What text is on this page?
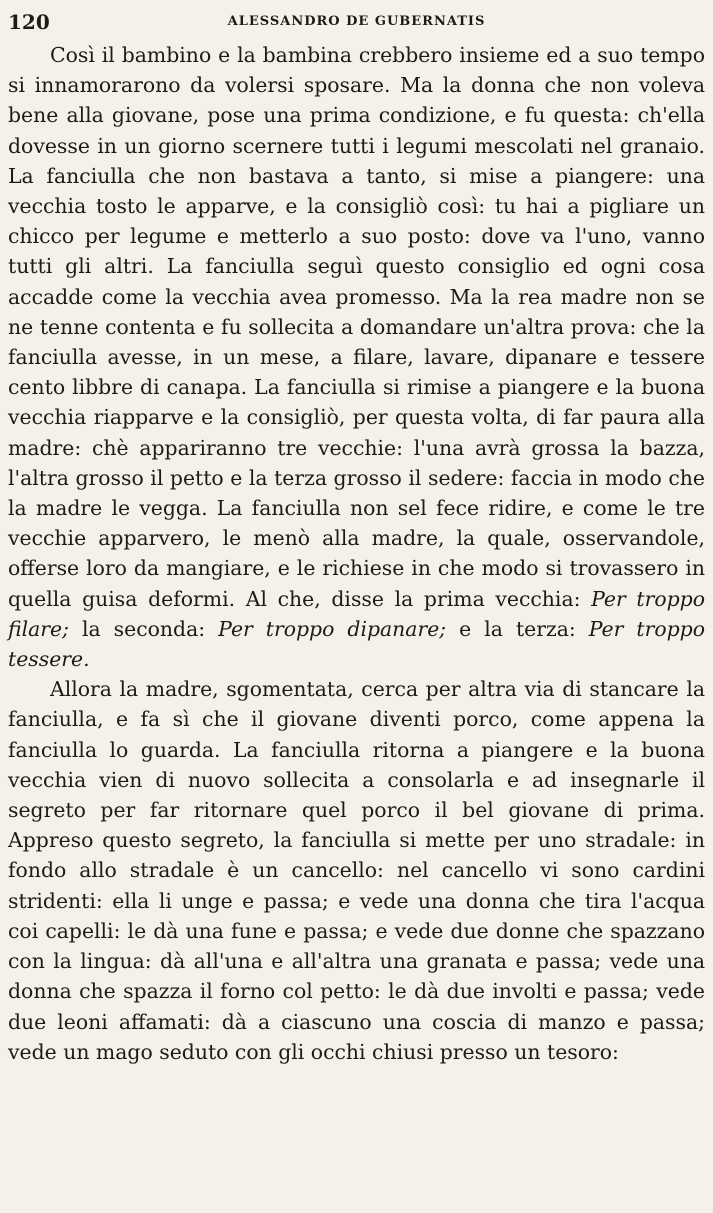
120	ALESSANDRO DE GUBERNATIS

Così il bambino e la bambina crebbero insieme ed a suo tempo si innamorarono da volersi sposare. Ma la donna che non voleva bene alla giovane, pose una prima condizione, e fu questa: ch'ella dovesse in un giorno scernere tutti i legumi mescolati nel granaio. La fanciulla che non bastava a tanto, si mise a piangere: una vecchia tosto le apparve, e la consigliò così: tu hai a pigliare un chicco per legume e metterlo a suo posto: dove va l'uno, vanno tutti gli altri. La fanciulla seguì questo consiglio ed ogni cosa accadde come la vecchia avea promesso. Ma la rea madre non se ne tenne contenta e fu sollecita a domandare un'altra prova: che la fanciulla avesse, in un mese, a filare, lavare, dipanare e tessere cento libbre di canapa. La fanciulla si rimise a piangere e la buona vecchia riapparve e la consigliò, per questa volta, di far paura alla madre: chè appariranno tre vecchie: l'una avrà grossa la bazza, l'altra grosso il petto e la terza grosso il sedere: faccia in modo che la madre le vegga. La fanciulla non sel fece ridire, e come le tre vecchie apparvero, le menò alla madre, la quale, osservandole, offerse loro da mangiare, e le richiese in che modo si trovassero in quella guisa deformi. Al che, disse la prima vecchia: Per troppo filare; la seconda: Per troppo dipanare; e la terza: Per troppo tessere.

Allora la madre, sgomentata, cerca per altra via di stancare la fanciulla, e fa sì che il giovane diventi porco, come appena la fanciulla lo guarda. La fanciulla ritorna a piangere e la buona vecchia vien di nuovo sollecita a consolarla e ad insegnarle il segreto per far ritornare quel porco il bel giovane di prima. Appreso questo segreto, la fanciulla si mette per uno stradale: in fondo allo stradale è un cancello: nel cancello vi sono cardini stridenti: ella li unge e passa; e vede una donna che tira l'acqua coi capelli: le dà una fune e passa; e vede due donne che spazzano con la lingua: dà all'una e all'altra una granata e passa; vede una donna che spazza il forno col petto: le dà due involti e passa; vede due leoni affamati: dà a ciascuno una coscia di manzo e passa; vede un mago seduto con gli occhi chiusi presso un tesoro:
